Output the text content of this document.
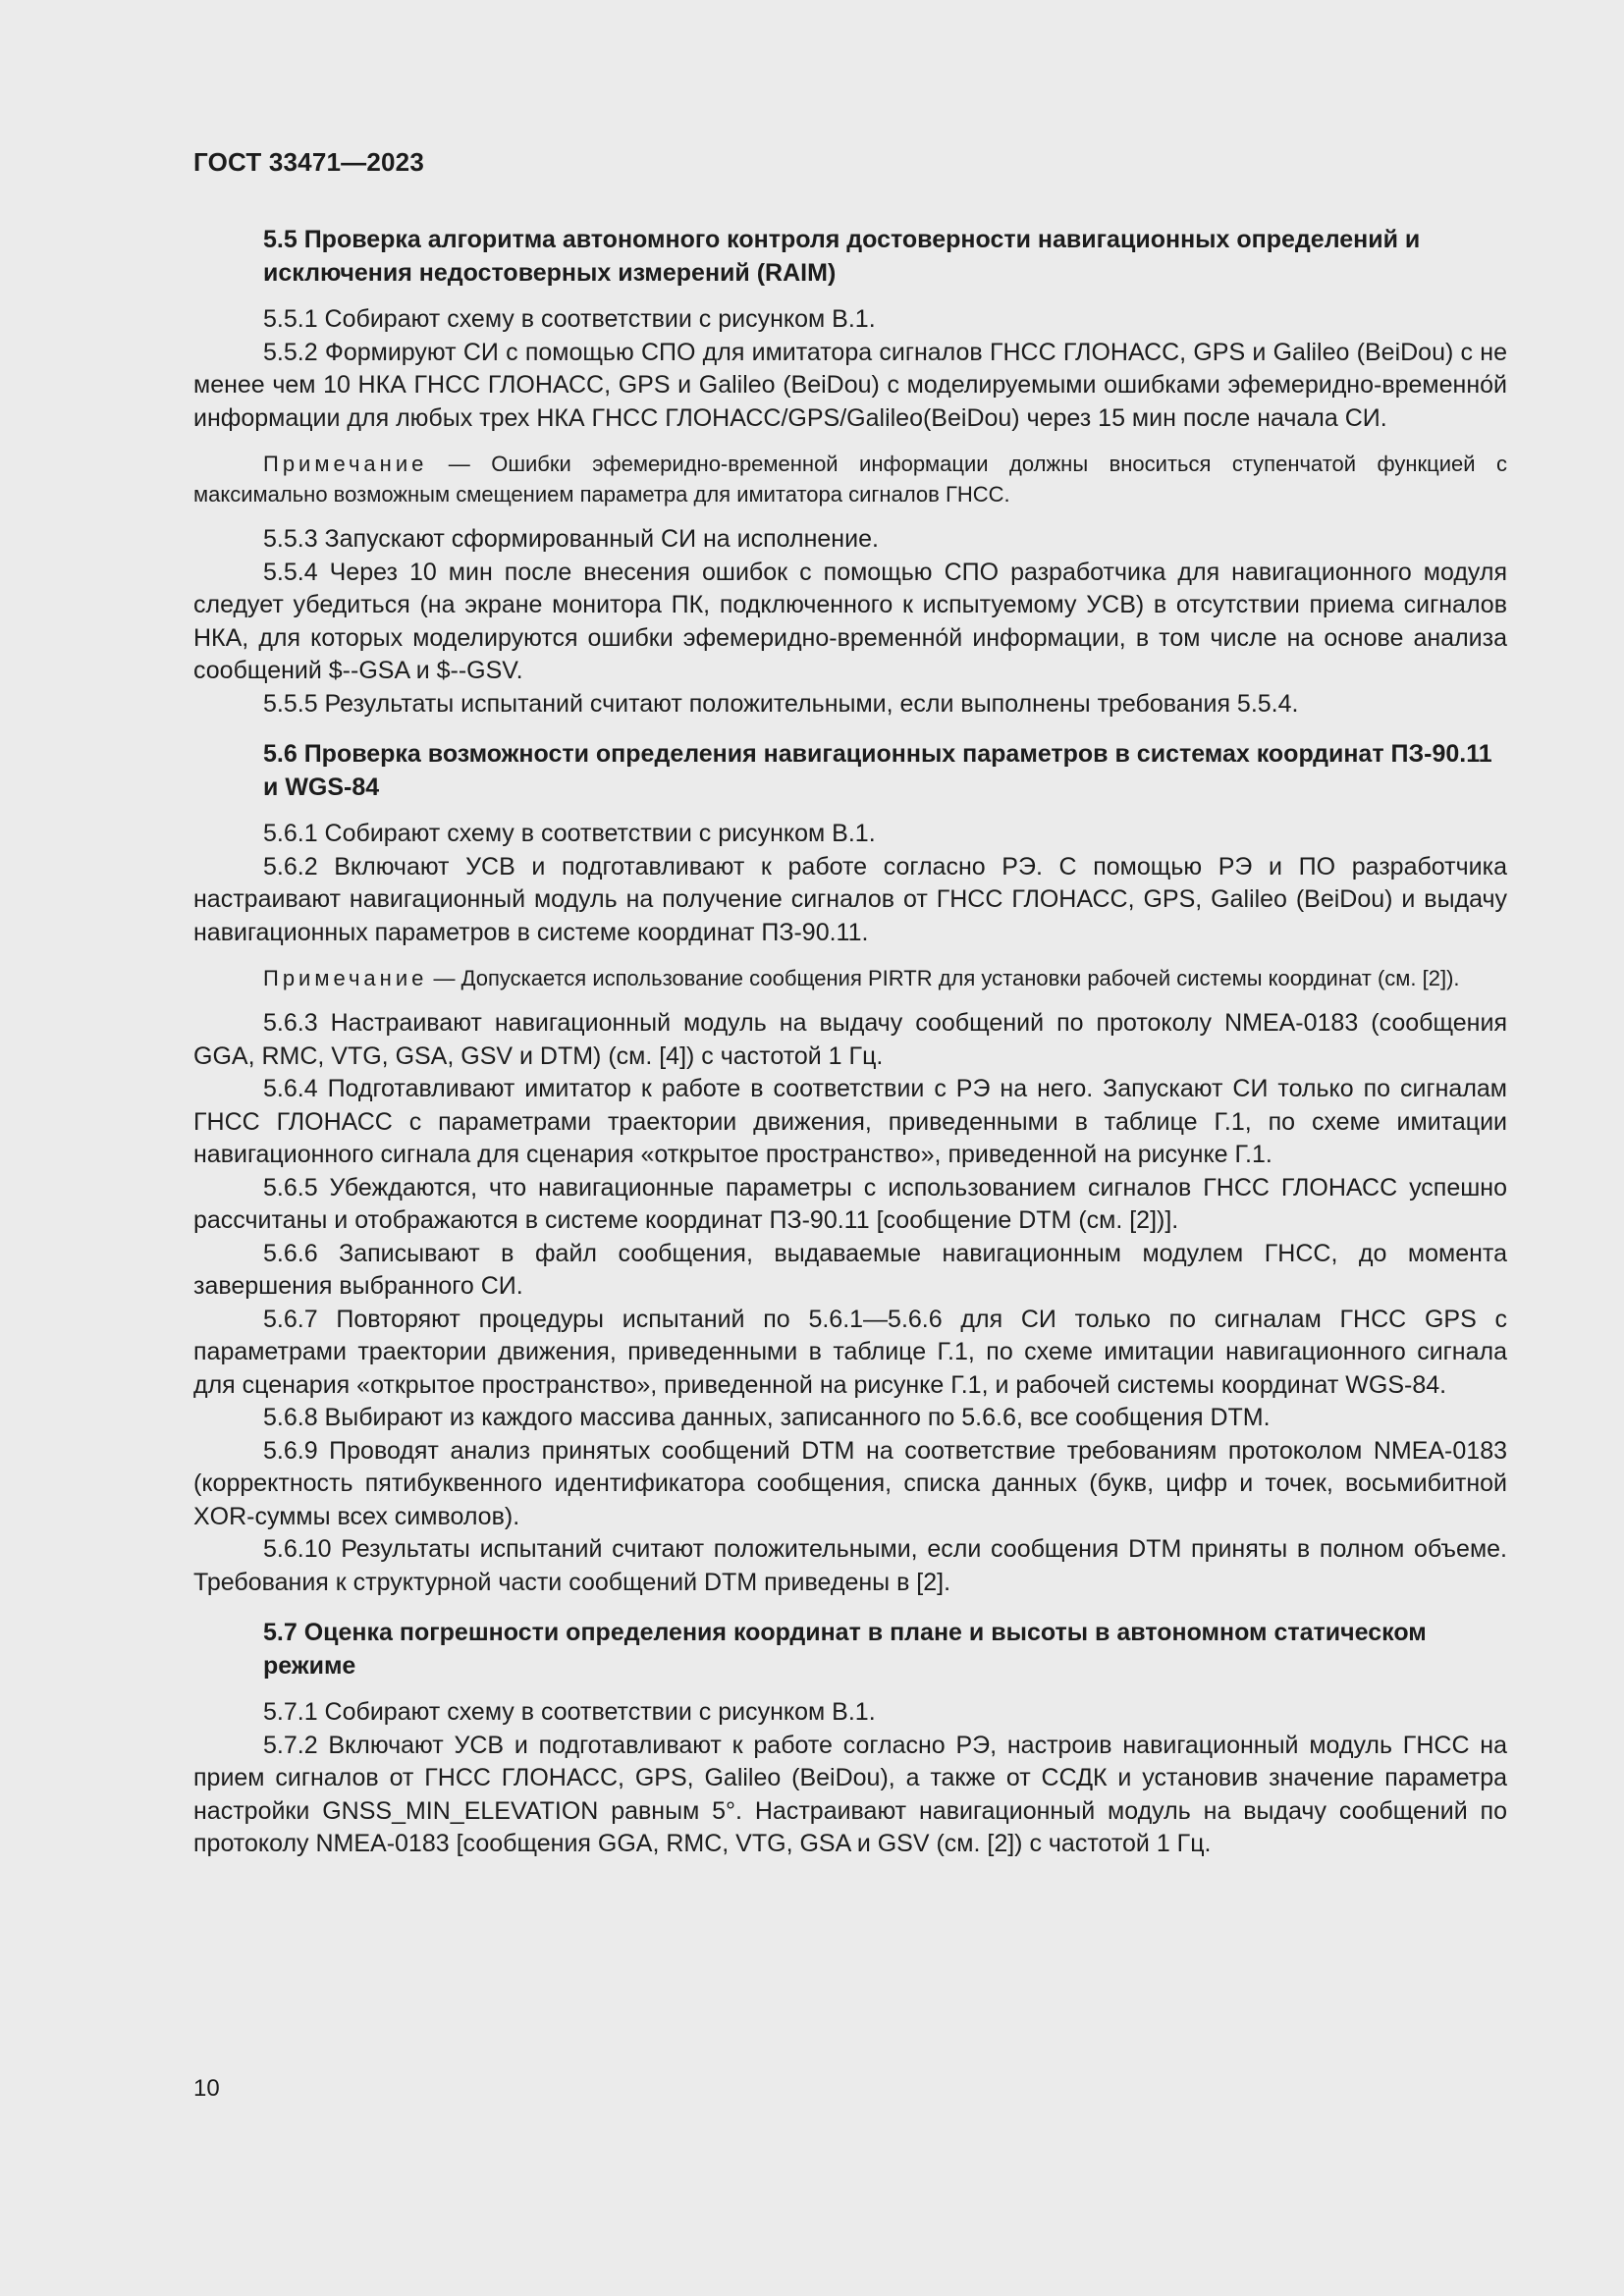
ГОСТ 33471—2023

5.5 Проверка алгоритма автономного контроля достоверности навигационных определений и исключения недостоверных измерений (RAIM)

5.5.1 Собирают схему в соответствии с рисунком В.1.

5.5.2 Формируют СИ с помощью СПО для имитатора сигналов ГНСС ГЛОНАСС, GPS и Galileo (BeiDou) с не менее чем 10 НКА ГНСС ГЛОНАСС, GPS и Galileo (BeiDou) с моделируемыми ошибками эфемеридно-временно́й информации для любых трех НКА ГНСС ГЛОНАСС/GPS/Galileo(BeiDou) через 15 мин после начала СИ.

Примечание — Ошибки эфемеридно-временной информации должны вноситься ступенчатой функцией с максимально возможным смещением параметра для имитатора сигналов ГНСС.

5.5.3 Запускают сформированный СИ на исполнение.

5.5.4 Через 10 мин после внесения ошибок с помощью СПО разработчика для навигационного модуля следует убедиться (на экране монитора ПК, подключенного к испытуемому УСВ) в отсутствии приема сигналов НКА, для которых моделируются ошибки эфемеридно-временно́й информации, в том числе на основе анализа сообщений $--GSA и $--GSV.

5.5.5 Результаты испытаний считают положительными, если выполнены требования 5.5.4.

5.6 Проверка возможности определения навигационных параметров в системах координат ПЗ-90.11 и WGS-84

5.6.1 Собирают схему в соответствии с рисунком В.1.

5.6.2 Включают УСВ и подготавливают к работе согласно РЭ. С помощью РЭ и ПО разработчика настраивают навигационный модуль на получение сигналов от ГНСС ГЛОНАСС, GPS, Galileo (BeiDou) и выдачу навигационных параметров в системе координат ПЗ-90.11.

Примечание — Допускается использование сообщения PIRTR для установки рабочей системы координат (см. [2]).

5.6.3 Настраивают навигационный модуль на выдачу сообщений по протоколу NMEA-0183 (сообщения GGA, RMC, VTG, GSA, GSV и DTM) (см. [4]) с частотой 1 Гц.

5.6.4 Подготавливают имитатор к работе в соответствии с РЭ на него. Запускают СИ только по сигналам ГНСС ГЛОНАСС с параметрами траектории движения, приведенными в таблице Г.1, по схеме имитации навигационного сигнала для сценария «открытое пространство», приведенной на рисунке Г.1.

5.6.5 Убеждаются, что навигационные параметры с использованием сигналов ГНСС ГЛОНАСС успешно рассчитаны и отображаются в системе координат ПЗ-90.11 [сообщение DTM (см. [2])].

5.6.6 Записывают в файл сообщения, выдаваемые навигационным модулем ГНСС, до момента завершения выбранного СИ.

5.6.7 Повторяют процедуры испытаний по 5.6.1—5.6.6 для СИ только по сигналам ГНСС GPS с параметрами траектории движения, приведенными в таблице Г.1, по схеме имитации навигационного сигнала для сценария «открытое пространство», приведенной на рисунке Г.1, и рабочей системы координат WGS-84.

5.6.8 Выбирают из каждого массива данных, записанного по 5.6.6, все сообщения DTM.

5.6.9 Проводят анализ принятых сообщений DTM на соответствие требованиям протоколом NMEA-0183 (корректность пятибуквенного идентификатора сообщения, списка данных (букв, цифр и точек, восьмибитной XOR-суммы всех символов).

5.6.10 Результаты испытаний считают положительными, если сообщения DTM приняты в полном объеме. Требования к структурной части сообщений DTM приведены в [2].

5.7 Оценка погрешности определения координат в плане и высоты в автономном статическом режиме

5.7.1 Собирают схему в соответствии с рисунком В.1.

5.7.2 Включают УСВ и подготавливают к работе согласно РЭ, настроив навигационный модуль ГНСС на прием сигналов от ГНСС ГЛОНАСС, GPS, Galileo (BeiDou), а также от ССДК и установив значение параметра настройки GNSS_MIN_ELEVATION равным 5°. Настраивают навигационный модуль на выдачу сообщений по протоколу NMEA-0183 [сообщения GGA, RMC, VTG, GSA и GSV (см. [2]) с частотой 1 Гц.

10
